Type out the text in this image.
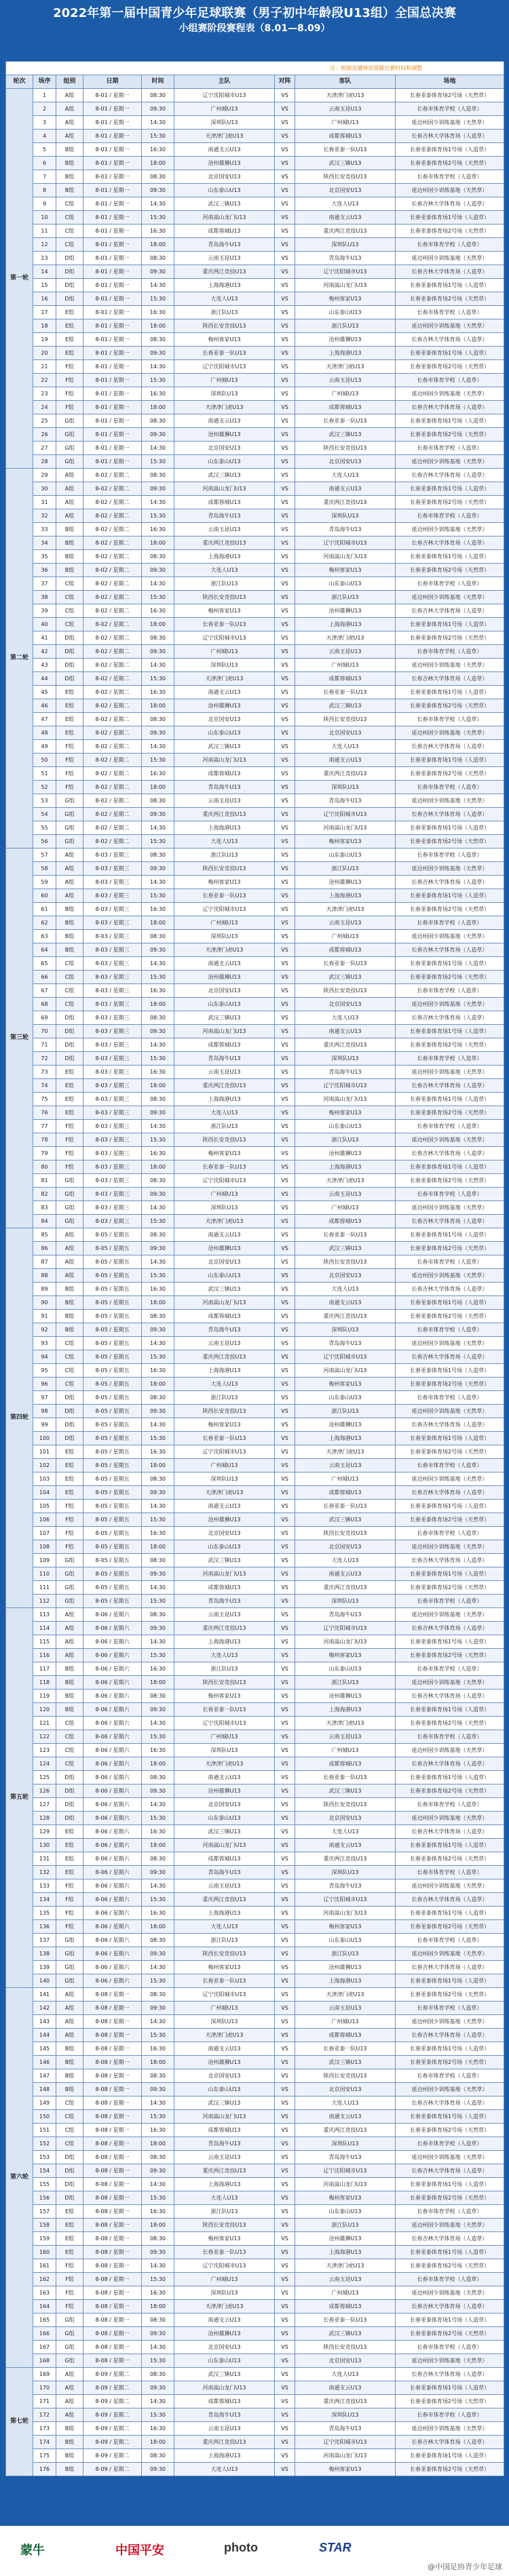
2022年第一届中国青少年足球联赛（男子初中年龄段U13组）全国总决赛
小组赛阶段赛程表（8.01—8.09）
注：根据直播情况需做出赛时间和调整								
轮次	场序	组别	日期	时间	主队	对阵	客队	场地
第一轮	1	A组	8-01 / 星期一	08:30	辽宁沈阳城市U13	VS	天津津门虎U13	长春亚泰体育场2号场（天然草）
	2	A组	8-01 / 星期一	09:30	广州城U13	VS	云南玉昆U13	长春市体育学校（人造草）
	3	A组	8-01 / 星期一	14:30	深圳队U13	VS	广州城U13	延边州国少训练基地（天然草）
	4	A组	8-01 / 星期一	15:30	天津津门虎U13	VS	成都蓉城U13	长春吉林大学体育场（人造草）
	5	B组	8-01 / 星期一	16:30	南通支云U13	VS	长春亚泰一队U13	长春亚泰体育场1号场（人造草）
	6	B组	8-01 / 星期一	18:00	沧州雄狮U13	VS	武汉三镇U13	长春亚泰体育场2号场（天然草）
	7	B组	8-01 / 星期一	08:30	北京国安U13	VS	陕西长安竞技U13	长春市体育学校（人造草）
	8	B组	8-01 / 星期一	09:30	山东泰山U13	VS	北京国安U13	延边州国少训练基地（天然草）
	9	C组	8-01 / 星期一	14:30	武汉三镇U13	VS	大连人U13	长春吉林大学体育场（人造草）
	10	C组	8-01 / 星期一	15:30	河南嵩山龙门U13	VS	南通支云U13	长春亚泰体育场1号场（人造草）
	11	C组	8-01 / 星期一	16:30	成都蓉城U13	VS	重庆两江竞技U13	长春亚泰体育场2号场（天然草）
	12	C组	8-01 / 星期一	18:00	青岛海牛U13	VS	深圳队U13	长春市体育学校（人造草）
	13	D组	8-01 / 星期一	08:30	云南玉昆U13	VS	青岛海牛U13	延边州国少训练基地（天然草）
	14	D组	8-01 / 星期一	09:30	重庆两江竞技U13	VS	辽宁沈阳城市U13	长春吉林大学体育场（人造草）
	15	D组	8-01 / 星期一	14:30	上海海港U13	VS	河南嵩山龙门U13	长春亚泰体育场1号场（人造草）
	16	D组	8-01 / 星期一	15:30	大连人U13	VS	梅州客家U13	长春亚泰体育场2号场（天然草）
	17	E组	8-01 / 星期一	16:30	浙江队U13	VS	山东泰山U13	长春市体育学校（人造草）
	18	E组	8-01 / 星期一	18:00	陕西长安竞技U13	VS	浙江队U13	延边州国少训练基地（天然草）
	19	E组	8-01 / 星期一	08:30	梅州客家U13	VS	沧州雄狮U13	长春吉林大学体育场（人造草）
	20	E组	8-01 / 星期一	09:30	长春亚泰一队U13	VS	上海海港U13	长春亚泰体育场1号场（人造草）
	21	F组	8-01 / 星期一	14:30	辽宁沈阳城市U13	VS	天津津门虎U13	长春亚泰体育场2号场（天然草）
	22	F组	8-01 / 星期一	15:30	广州城U13	VS	云南玉昆U13	长春市体育学校（人造草）
	23	F组	8-01 / 星期一	16:30	深圳队U13	VS	广州城U13	延边州国少训练基地（天然草）
	24	F组	8-01 / 星期一	18:00	天津津门虎U13	VS	成都蓉城U13	长春吉林大学体育场（人造草）
	25	G组	8-01 / 星期一	08:30	南通支云U13	VS	长春亚泰一队U13	长春亚泰体育场1号场（人造草）
	26	G组	8-01 / 星期一	09:30	沧州雄狮U13	VS	武汉三镇U13	长春亚泰体育场2号场（天然草）
	27	G组	8-01 / 星期一	14:30	北京国安U13	VS	陕西长安竞技U13	长春市体育学校（人造草）
	28	G组	8-01 / 星期一	15:30	山东泰山U13	VS	北京国安U13	延边州国少训练基地（天然草）
第二轮	29	A组	8-02 / 星期二	08:30	武汉三镇U13	VS	大连人U13	长春吉林大学体育场（人造草）
	30	A组	8-02 / 星期二	09:30	河南嵩山龙门U13	VS	南通支云U13	长春亚泰体育场1号场（人造草）
	31	A组	8-02 / 星期二	14:30	成都蓉城U13	VS	重庆两江竞技U13	长春亚泰体育场2号场（天然草）
	32	A组	8-02 / 星期二	15:30	青岛海牛U13	VS	深圳队U13	长春市体育学校（人造草）
	33	B组	8-02 / 星期二	16:30	云南玉昆U13	VS	青岛海牛U13	延边州国少训练基地（天然草）
	34	B组	8-02 / 星期二	18:00	重庆两江竞技U13	VS	辽宁沈阳城市U13	长春吉林大学体育场（人造草）
	35	B组	8-02 / 星期二	08:30	上海海港U13	VS	河南嵩山龙门U13	长春亚泰体育场1号场（人造草）
	36	B组	8-02 / 星期二	09:30	大连人U13	VS	梅州客家U13	长春亚泰体育场2号场（天然草）
	37	C组	8-02 / 星期二	14:30	浙江队U13	VS	山东泰山U13	长春市体育学校（人造草）
	38	C组	8-02 / 星期二	15:30	陕西长安竞技U13	VS	浙江队U13	延边州国少训练基地（天然草）
	39	C组	8-02 / 星期二	16:30	梅州客家U13	VS	沧州雄狮U13	长春吉林大学体育场（人造草）
	40	C组	8-02 / 星期二	18:00	长春亚泰一队U13	VS	上海海港U13	长春亚泰体育场1号场（人造草）
	41	D组	8-02 / 星期二	08:30	辽宁沈阳城市U13	VS	天津津门虎U13	长春亚泰体育场2号场（天然草）
	42	D组	8-02 / 星期二	09:30	广州城U13	VS	云南玉昆U13	长春市体育学校（人造草）
	43	D组	8-02 / 星期二	14:30	深圳队U13	VS	广州城U13	延边州国少训练基地（天然草）
	44	D组	8-02 / 星期二	15:30	天津津门虎U13	VS	成都蓉城U13	长春吉林大学体育场（人造草）
	45	E组	8-02 / 星期二	16:30	南通支云U13	VS	长春亚泰一队U13	长春亚泰体育场1号场（人造草）
	46	E组	8-02 / 星期二	18:00	沧州雄狮U13	VS	武汉三镇U13	长春亚泰体育场2号场（天然草）
	47	E组	8-02 / 星期二	08:30	北京国安U13	VS	陕西长安竞技U13	长春市体育学校（人造草）
	48	E组	8-02 / 星期二	09:30	山东泰山U13	VS	北京国安U13	延边州国少训练基地（天然草）
	49	F组	8-02 / 星期二	14:30	武汉三镇U13	VS	大连人U13	长春吉林大学体育场（人造草）
	50	F组	8-02 / 星期二	15:30	河南嵩山龙门U13	VS	南通支云U13	长春亚泰体育场1号场（人造草）
	51	F组	8-02 / 星期二	16:30	成都蓉城U13	VS	重庆两江竞技U13	长春亚泰体育场2号场（天然草）
	52	F组	8-02 / 星期二	18:00	青岛海牛U13	VS	深圳队U13	长春市体育学校（人造草）
	53	G组	8-02 / 星期二	08:30	云南玉昆U13	VS	青岛海牛U13	延边州国少训练基地（天然草）
	54	G组	8-02 / 星期二	09:30	重庆两江竞技U13	VS	辽宁沈阳城市U13	长春吉林大学体育场（人造草）
	55	G组	8-02 / 星期二	14:30	上海海港U13	VS	河南嵩山龙门U13	长春亚泰体育场1号场（人造草）
	56	G组	8-02 / 星期二	15:30	大连人U13	VS	梅州客家U13	长春亚泰体育场2号场（天然草）
第三轮	57	A组	8-03 / 星期三	08:30	浙江队U13	VS	山东泰山U13	长春市体育学校（人造草）
	58	A组	8-03 / 星期三	09:30	陕西长安竞技U13	VS	浙江队U13	延边州国少训练基地（天然草）
	59	A组	8-03 / 星期三	14:30	梅州客家U13	VS	沧州雄狮U13	长春吉林大学体育场（人造草）
	60	A组	8-03 / 星期三	15:30	长春亚泰一队U13	VS	上海海港U13	长春亚泰体育场1号场（人造草）
	61	B组	8-03 / 星期三	16:30	辽宁沈阳城市U13	VS	天津津门虎U13	长春亚泰体育场2号场（天然草）
	62	B组	8-03 / 星期三	18:00	广州城U13	VS	云南玉昆U13	长春市体育学校（人造草）
	63	B组	8-03 / 星期三	08:30	深圳队U13	VS	广州城U13	延边州国少训练基地（天然草）
	64	B组	8-03 / 星期三	09:30	天津津门虎U13	VS	成都蓉城U13	长春吉林大学体育场（人造草）
	65	C组	8-03 / 星期三	14:30	南通支云U13	VS	长春亚泰一队U13	长春亚泰体育场1号场（人造草）
	66	C组	8-03 / 星期三	15:30	沧州雄狮U13	VS	武汉三镇U13	长春亚泰体育场2号场（天然草）
	67	C组	8-03 / 星期三	16:30	北京国安U13	VS	陕西长安竞技U13	长春市体育学校（人造草）
	68	C组	8-03 / 星期三	18:00	山东泰山U13	VS	北京国安U13	延边州国少训练基地（天然草）
	69	D组	8-03 / 星期三	08:30	武汉三镇U13	VS	大连人U13	长春吉林大学体育场（人造草）
	70	D组	8-03 / 星期三	09:30	河南嵩山龙门U13	VS	南通支云U13	长春亚泰体育场1号场（人造草）
	71	D组	8-03 / 星期三	14:30	成都蓉城U13	VS	重庆两江竞技U13	长春亚泰体育场2号场（天然草）
	72	D组	8-03 / 星期三	15:30	青岛海牛U13	VS	深圳队U13	长春市体育学校（人造草）
	73	E组	8-03 / 星期三	16:30	云南玉昆U13	VS	青岛海牛U13	延边州国少训练基地（天然草）
	74	E组	8-03 / 星期三	18:00	重庆两江竞技U13	VS	辽宁沈阳城市U13	长春吉林大学体育场（人造草）
	75	E组	8-03 / 星期三	08:30	上海海港U13	VS	河南嵩山龙门U13	长春亚泰体育场1号场（人造草）
	76	E组	8-03 / 星期三	09:30	大连人U13	VS	梅州客家U13	长春亚泰体育场2号场（天然草）
	77	F组	8-03 / 星期三	14:30	浙江队U13	VS	山东泰山U13	长春市体育学校（人造草）
	78	F组	8-03 / 星期三	15:30	陕西长安竞技U13	VS	浙江队U13	延边州国少训练基地（天然草）
	79	F组	8-03 / 星期三	16:30	梅州客家U13	VS	沧州雄狮U13	长春吉林大学体育场（人造草）
	80	F组	8-03 / 星期三	18:00	长春亚泰一队U13	VS	上海海港U13	长春亚泰体育场1号场（人造草）
	81	G组	8-03 / 星期三	08:30	辽宁沈阳城市U13	VS	天津津门虎U13	长春亚泰体育场2号场（天然草）
	82	G组	8-03 / 星期三	09:30	广州城U13	VS	云南玉昆U13	长春市体育学校（人造草）
	83	G组	8-03 / 星期三	14:30	深圳队U13	VS	广州城U13	延边州国少训练基地（天然草）
	84	G组	8-03 / 星期三	15:30	天津津门虎U13	VS	成都蓉城U13	长春吉林大学体育场（人造草）
第四轮	85	A组	8-05 / 星期五	08:30	南通支云U13	VS	长春亚泰一队U13	长春亚泰体育场1号场（人造草）
	86	A组	8-05 / 星期五	09:30	沧州雄狮U13	VS	武汉三镇U13	长春亚泰体育场2号场（天然草）
	87	A组	8-05 / 星期五	14:30	北京国安U13	VS	陕西长安竞技U13	长春市体育学校（人造草）
	88	A组	8-05 / 星期五	15:30	山东泰山U13	VS	北京国安U13	延边州国少训练基地（天然草）
	89	B组	8-05 / 星期五	16:30	武汉三镇U13	VS	大连人U13	长春吉林大学体育场（人造草）
	90	B组	8-05 / 星期五	18:00	河南嵩山龙门U13	VS	南通支云U13	长春亚泰体育场1号场（人造草）
	91	B组	8-05 / 星期五	08:30	成都蓉城U13	VS	重庆两江竞技U13	长春亚泰体育场2号场（天然草）
	92	B组	8-05 / 星期五	09:30	青岛海牛U13	VS	深圳队U13	长春市体育学校（人造草）
	93	C组	8-05 / 星期五	14:30	云南玉昆U13	VS	青岛海牛U13	延边州国少训练基地（天然草）
	94	C组	8-05 / 星期五	15:30	重庆两江竞技U13	VS	辽宁沈阳城市U13	长春吉林大学体育场（人造草）
	95	C组	8-05 / 星期五	16:30	上海海港U13	VS	河南嵩山龙门U13	长春亚泰体育场1号场（人造草）
	96	C组	8-05 / 星期五	18:00	大连人U13	VS	梅州客家U13	长春亚泰体育场2号场（天然草）
	97	D组	8-05 / 星期五	08:30	浙江队U13	VS	山东泰山U13	长春市体育学校（人造草）
	98	D组	8-05 / 星期五	09:30	陕西长安竞技U13	VS	浙江队U13	延边州国少训练基地（天然草）
	99	D组	8-05 / 星期五	14:30	梅州客家U13	VS	沧州雄狮U13	长春吉林大学体育场（人造草）
	100	D组	8-05 / 星期五	15:30	长春亚泰一队U13	VS	上海海港U13	长春亚泰体育场1号场（人造草）
	101	E组	8-05 / 星期五	16:30	辽宁沈阳城市U13	VS	天津津门虎U13	长春亚泰体育场2号场（天然草）
	102	E组	8-05 / 星期五	18:00	广州城U13	VS	云南玉昆U13	长春市体育学校（人造草）
	103	E组	8-05 / 星期五	08:30	深圳队U13	VS	广州城U13	延边州国少训练基地（天然草）
	104	E组	8-05 / 星期五	09:30	天津津门虎U13	VS	成都蓉城U13	长春吉林大学体育场（人造草）
	105	F组	8-05 / 星期五	14:30	南通支云U13	VS	长春亚泰一队U13	长春亚泰体育场1号场（人造草）
	106	F组	8-05 / 星期五	15:30	沧州雄狮U13	VS	武汉三镇U13	长春亚泰体育场2号场（天然草）
	107	F组	8-05 / 星期五	16:30	北京国安U13	VS	陕西长安竞技U13	长春市体育学校（人造草）
	108	F组	8-05 / 星期五	18:00	山东泰山U13	VS	北京国安U13	延边州国少训练基地（天然草）
	109	G组	8-05 / 星期五	08:30	武汉三镇U13	VS	大连人U13	长春吉林大学体育场（人造草）
	110	G组	8-05 / 星期五	09:30	河南嵩山龙门U13	VS	南通支云U13	长春亚泰体育场1号场（人造草）
	111	G组	8-05 / 星期五	14:30	成都蓉城U13	VS	重庆两江竞技U13	长春亚泰体育场2号场（天然草）
	112	G组	8-05 / 星期五	15:30	青岛海牛U13	VS	深圳队U13	长春市体育学校（人造草）
第五轮	113	A组	8-06 / 星期六	08:30	云南玉昆U13	VS	青岛海牛U13	延边州国少训练基地（天然草）
	114	A组	8-06 / 星期六	09:30	重庆两江竞技U13	VS	辽宁沈阳城市U13	长春吉林大学体育场（人造草）
	115	A组	8-06 / 星期六	14:30	上海海港U13	VS	河南嵩山龙门U13	长春亚泰体育场1号场（人造草）
	116	A组	8-06 / 星期六	15:30	大连人U13	VS	梅州客家U13	长春亚泰体育场2号场（天然草）
	117	B组	8-06 / 星期六	16:30	浙江队U13	VS	山东泰山U13	长春市体育学校（人造草）
	118	B组	8-06 / 星期六	18:00	陕西长安竞技U13	VS	浙江队U13	延边州国少训练基地（天然草）
	119	B组	8-06 / 星期六	08:30	梅州客家U13	VS	沧州雄狮U13	长春吉林大学体育场（人造草）
	120	B组	8-06 / 星期六	09:30	长春亚泰一队U13	VS	上海海港U13	长春亚泰体育场1号场（人造草）
	121	C组	8-06 / 星期六	14:30	辽宁沈阳城市U13	VS	天津津门虎U13	长春亚泰体育场2号场（天然草）
	122	C组	8-06 / 星期六	15:30	广州城U13	VS	云南玉昆U13	长春市体育学校（人造草）
	123	C组	8-06 / 星期六	16:30	深圳队U13	VS	广州城U13	延边州国少训练基地（天然草）
	124	C组	8-06 / 星期六	18:00	天津津门虎U13	VS	成都蓉城U13	长春吉林大学体育场（人造草）
	125	D组	8-06 / 星期六	08:30	南通支云U13	VS	长春亚泰一队U13	长春亚泰体育场1号场（人造草）
	126	D组	8-06 / 星期六	09:30	沧州雄狮U13	VS	武汉三镇U13	长春亚泰体育场2号场（天然草）
	127	D组	8-06 / 星期六	14:30	北京国安U13	VS	陕西长安竞技U13	长春市体育学校（人造草）
	128	D组	8-06 / 星期六	15:30	山东泰山U13	VS	北京国安U13	延边州国少训练基地（天然草）
	129	E组	8-06 / 星期六	16:30	武汉三镇U13	VS	大连人U13	长春吉林大学体育场（人造草）
	130	E组	8-06 / 星期六	18:00	河南嵩山龙门U13	VS	南通支云U13	长春亚泰体育场1号场（人造草）
	131	E组	8-06 / 星期六	08:30	成都蓉城U13	VS	重庆两江竞技U13	长春亚泰体育场2号场（天然草）
	132	E组	8-06 / 星期六	09:30	青岛海牛U13	VS	深圳队U13	长春市体育学校（人造草）
	133	F组	8-06 / 星期六	14:30	云南玉昆U13	VS	青岛海牛U13	延边州国少训练基地（天然草）
	134	F组	8-06 / 星期六	15:30	重庆两江竞技U13	VS	辽宁沈阳城市U13	长春吉林大学体育场（人造草）
	135	F组	8-06 / 星期六	16:30	上海海港U13	VS	河南嵩山龙门U13	长春亚泰体育场1号场（人造草）
	136	F组	8-06 / 星期六	18:00	大连人U13	VS	梅州客家U13	长春亚泰体育场2号场（天然草）
	137	G组	8-06 / 星期六	08:30	浙江队U13	VS	山东泰山U13	长春市体育学校（人造草）
	138	G组	8-06 / 星期六	09:30	陕西长安竞技U13	VS	浙江队U13	延边州国少训练基地（天然草）
	139	G组	8-06 / 星期六	14:30	梅州客家U13	VS	沧州雄狮U13	长春吉林大学体育场（人造草）
	140	G组	8-06 / 星期六	15:30	长春亚泰一队U13	VS	上海海港U13	长春亚泰体育场1号场（人造草）
第六轮	141	A组	8-08 / 星期一	08:30	辽宁沈阳城市U13	VS	天津津门虎U13	长春亚泰体育场2号场（天然草）
	142	A组	8-08 / 星期一	09:30	广州城U13	VS	云南玉昆U13	长春市体育学校（人造草）
	143	A组	8-08 / 星期一	14:30	深圳队U13	VS	广州城U13	延边州国少训练基地（天然草）
	144	A组	8-08 / 星期一	15:30	天津津门虎U13	VS	成都蓉城U13	长春吉林大学体育场（人造草）
	145	B组	8-08 / 星期一	16:30	南通支云U13	VS	长春亚泰一队U13	长春亚泰体育场1号场（人造草）
	146	B组	8-08 / 星期一	18:00	沧州雄狮U13	VS	武汉三镇U13	长春亚泰体育场2号场（天然草）
	147	B组	8-08 / 星期一	08:30	北京国安U13	VS	陕西长安竞技U13	长春市体育学校（人造草）
	148	B组	8-08 / 星期一	09:30	山东泰山U13	VS	北京国安U13	延边州国少训练基地（天然草）
	149	C组	8-08 / 星期一	14:30	武汉三镇U13	VS	大连人U13	长春吉林大学体育场（人造草）
	150	C组	8-08 / 星期一	15:30	河南嵩山龙门U13	VS	南通支云U13	长春亚泰体育场1号场（人造草）
	151	C组	8-08 / 星期一	16:30	成都蓉城U13	VS	重庆两江竞技U13	长春亚泰体育场2号场（天然草）
	152	C组	8-08 / 星期一	18:00	青岛海牛U13	VS	深圳队U13	长春市体育学校（人造草）
	153	D组	8-08 / 星期一	08:30	云南玉昆U13	VS	青岛海牛U13	延边州国少训练基地（天然草）
	154	D组	8-08 / 星期一	09:30	重庆两江竞技U13	VS	辽宁沈阳城市U13	长春吉林大学体育场（人造草）
	155	D组	8-08 / 星期一	14:30	上海海港U13	VS	河南嵩山龙门U13	长春亚泰体育场1号场（人造草）
	156	D组	8-08 / 星期一	15:30	大连人U13	VS	梅州客家U13	长春亚泰体育场2号场（天然草）
	157	E组	8-08 / 星期一	16:30	浙江队U13	VS	山东泰山U13	长春市体育学校（人造草）
	158	E组	8-08 / 星期一	18:00	陕西长安竞技U13	VS	浙江队U13	延边州国少训练基地（天然草）
	159	E组	8-08 / 星期一	08:30	梅州客家U13	VS	沧州雄狮U13	长春吉林大学体育场（人造草）
	160	E组	8-08 / 星期一	09:30	长春亚泰一队U13	VS	上海海港U13	长春亚泰体育场1号场（人造草）
	161	F组	8-08 / 星期一	14:30	辽宁沈阳城市U13	VS	天津津门虎U13	长春亚泰体育场2号场（天然草）
	162	F组	8-08 / 星期一	15:30	广州城U13	VS	云南玉昆U13	长春市体育学校（人造草）
	163	F组	8-08 / 星期一	16:30	深圳队U13	VS	广州城U13	延边州国少训练基地（天然草）
	164	F组	8-08 / 星期一	18:00	天津津门虎U13	VS	成都蓉城U13	长春吉林大学体育场（人造草）
	165	G组	8-08 / 星期一	08:30	南通支云U13	VS	长春亚泰一队U13	长春亚泰体育场1号场（人造草）
	166	G组	8-08 / 星期一	09:30	沧州雄狮U13	VS	武汉三镇U13	长春亚泰体育场2号场（天然草）
	167	G组	8-08 / 星期一	14:30	北京国安U13	VS	陕西长安竞技U13	长春市体育学校（人造草）
	168	G组	8-08 / 星期一	15:30	山东泰山U13	VS	北京国安U13	延边州国少训练基地（天然草）
第七轮	169	A组	8-09 / 星期二	08:30	武汉三镇U13	VS	大连人U13	长春吉林大学体育场（人造草）
	170	A组	8-09 / 星期二	09:30	河南嵩山龙门U13	VS	南通支云U13	长春亚泰体育场1号场（人造草）
	171	A组	8-09 / 星期二	14:30	成都蓉城U13	VS	重庆两江竞技U13	长春亚泰体育场2号场（天然草）
	172	A组	8-09 / 星期二	15:30	青岛海牛U13	VS	深圳队U13	长春市体育学校（人造草）
	173	B组	8-09 / 星期二	16:30	云南玉昆U13	VS	青岛海牛U13	延边州国少训练基地（天然草）
	174	B组	8-09 / 星期二	18:00	重庆两江竞技U13	VS	辽宁沈阳城市U13	长春吉林大学体育场（人造草）
	175	B组	8-09 / 星期二	08:30	上海海港U13	VS	河南嵩山龙门U13	长春亚泰体育场1号场（人造草）
	176	B组	8-09 / 星期二	09:30	大连人U13	VS	梅州客家U13	长春亚泰体育场2号场（天然草）
蒙牛	中国平安	photo	STAR
@中国足协青少年足球
